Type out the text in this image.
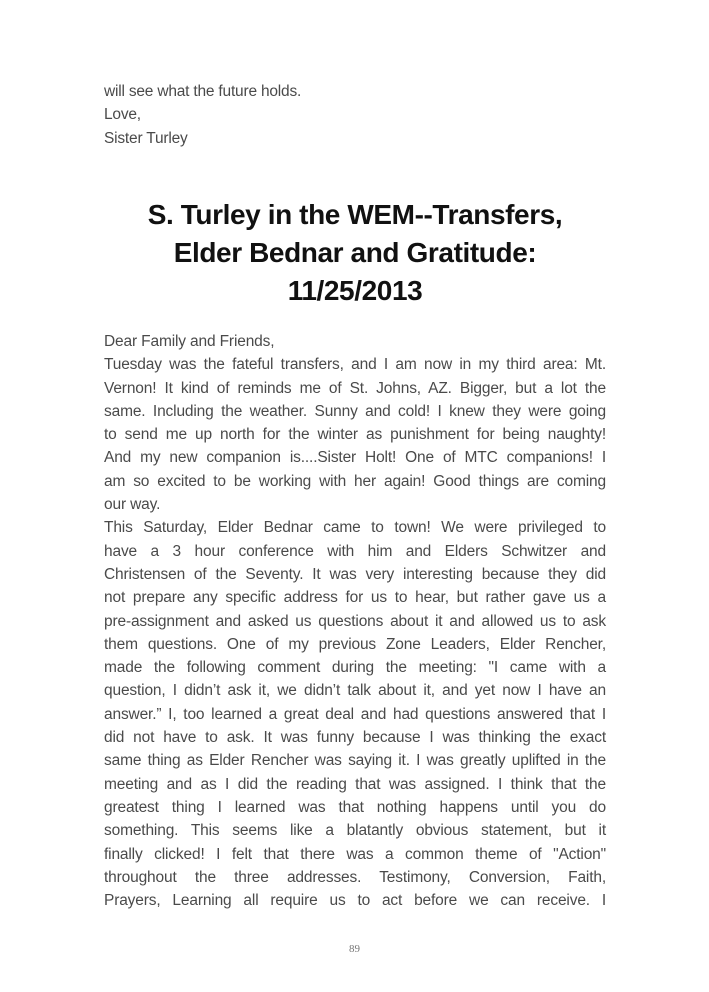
will see what the future holds.

Love,

Sister Turley

S. Turley in the WEM--Transfers,
Elder Bednar and Gratitude:
11/25/2013
Dear Family and Friends,
Tuesday was the fateful transfers, and I am now in my third area: Mt.
Vernon! It kind of reminds me of St. Johns, AZ. Bigger, but a lot the
same. Including the weather. Sunny and cold! I knew they were going
to send me up north for the winter as punishment for being naughty!
And my new companion is....Sister Holt! One of MTC companions! I
am so excited to be working with her again! Good things are coming
our way.
This Saturday, Elder Bednar came to town! We were privileged to
have a 3 hour conference with him and Elders Schwitzer and
Christensen of the Seventy. It was very interesting because they did
not prepare any specific address for us to hear, but rather gave us a
pre-assignment and asked us questions about it and allowed us to ask
them questions. One of my previous Zone Leaders, Elder Rencher,
made the following comment during the meeting: "I came with a
question, I didn’t ask it, we didn’t talk about it, and yet now I have an
answer.” I, too learned a great deal and had questions answered that I
did not have to ask. It was funny because I was thinking the exact
same thing as Elder Rencher was saying it. I was greatly uplifted in the
meeting and as I did the reading that was assigned. I think that the
greatest thing I learned was that nothing happens until you do
something. This seems like a blatantly obvious statement, but it
finally clicked! I felt that there was a common theme of "Action"
throughout the three addresses. Testimony, Conversion, Faith,
Prayers, Learning all require us to act before we can receive. I
89
